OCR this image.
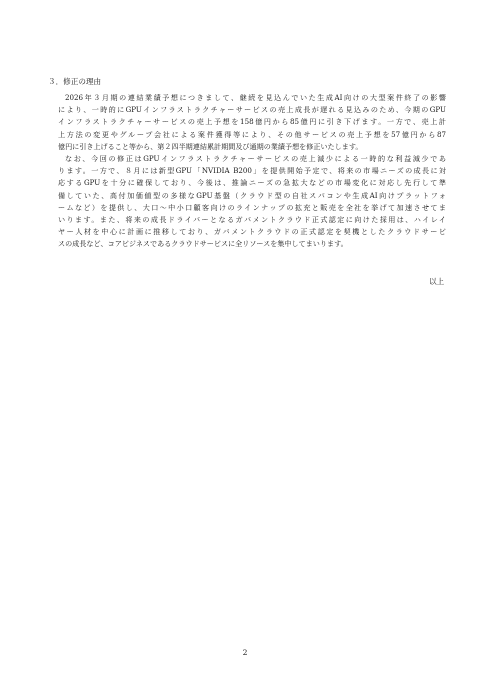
３．修正の理由
2026年３月期の連結業績予想につきまして、継続を見込んでいた生成AI向けの大型案件終了の影響
により、一時的にGPUインフラストラクチャーサービスの売上成長が遅れる見込みのため、今期のGPU
インフラストラクチャーサービスの売上予想を158億円から85億円に引き下げます。一方で、売上計
上方法の変更やグループ会社による案件獲得等により、その他サービスの売上予想を57億円から87
億円に引き上げること等から、第２四半期連結累計期間及び通期の業績予想を修正いたします。
なお、今回の修正はGPUインフラストラクチャーサービスの売上減少による一時的な利益減少であ
ります。一方で、８月には新型GPU「NVIDIA B200」を提供開始予定で、将来の市場ニーズの成長に対
応するGPUを十分に確保しており、今後は、推論ニーズの急拡大などの市場変化に対応し先行して準
備していた、高付加価値型の多様なGPU基盤（クラウド型の自社スパコンや生成AI向けプラットフォ
ームなど）を提供し、大口～中小口顧客向けのラインナップの拡充と販売を全社を挙げて加速させてま
いります。また、将来の成長ドライバーとなるガバメントクラウド正式認定に向けた採用は、ハイレイ
ヤー人材を中心に計画に推移しており、ガバメントクラウドの正式認定を契機としたクラウドサービ
スの成長など、コアビジネスであるクラウドサービスに全リソースを集中してまいります。
以上
2
